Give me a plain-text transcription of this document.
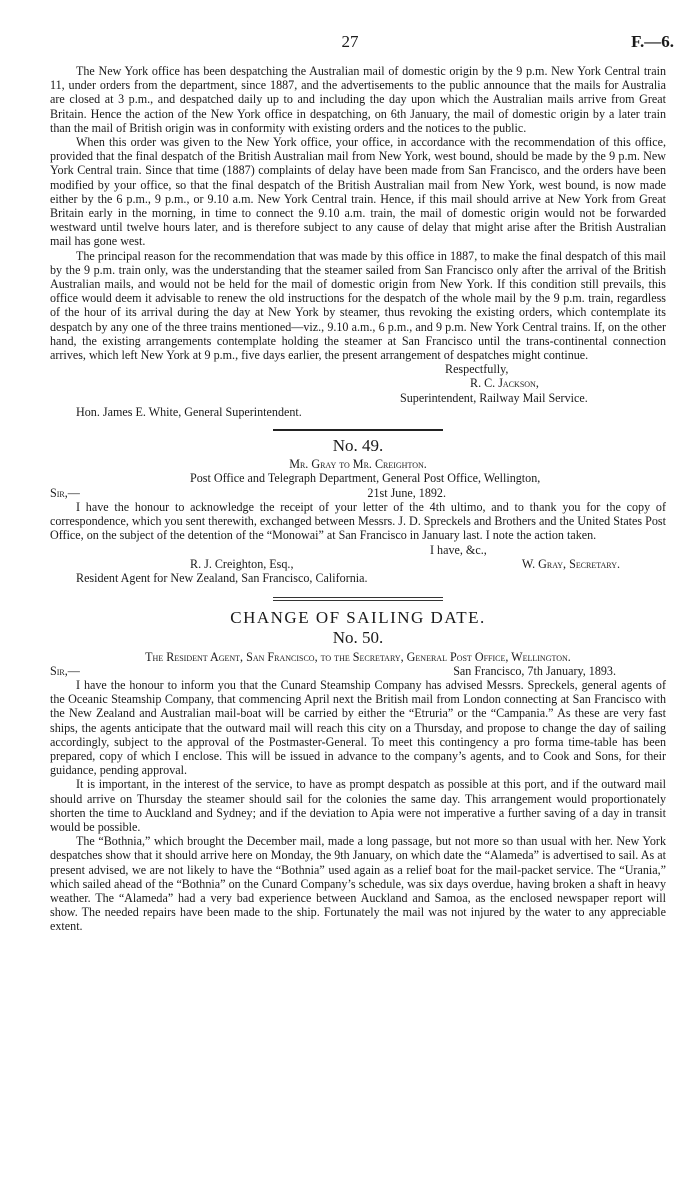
27	F.—6.

The New York office has been despatching the Australian mail of domestic origin by the 9 p.m. New York Central train 11, under orders from the department, since 1887, and the advertisements to the public announce that the mails for Australia are closed at 3 p.m., and despatched daily up to and including the day upon which the Australian mails arrive from Great Britain. Hence the action of the New York office in despatching, on 6th January, the mail of domestic origin by a later train than the mail of British origin was in conformity with existing orders and the notices to the public.

When this order was given to the New York office, your office, in accordance with the recommendation of this office, provided that the final despatch of the British Australian mail from New York, west bound, should be made by the 9 p.m. New York Central train. Since that time (1887) complaints of delay have been made from San Francisco, and the orders have been modified by your office, so that the final despatch of the British Australian mail from New York, west bound, is now made either by the 6 p.m., 9 p.m., or 9.10 a.m. New York Central train. Hence, if this mail should arrive at New York from Great Britain early in the morning, in time to connect the 9.10 a.m. train, the mail of domestic origin would not be forwarded westward until twelve hours later, and is therefore subject to any cause of delay that might arise after the British Australian mail has gone west.

The principal reason for the recommendation that was made by this office in 1887, to make the final despatch of this mail by the 9 p.m. train only, was the understanding that the steamer sailed from San Francisco only after the arrival of the British Australian mails, and would not be held for the mail of domestic origin from New York. If this condition still prevails, this office would deem it advisable to renew the old instructions for the despatch of the whole mail by the 9 p.m. train, regardless of the hour of its arrival during the day at New York by steamer, thus revoking the existing orders, which contemplate its despatch by any one of the three trains mentioned—viz., 9.10 a.m., 6 p.m., and 9 p.m. New York Central trains. If, on the other hand, the existing arrangements contemplate holding the steamer at San Francisco until the trans-continental connection arrives, which left New York at 9 p.m., five days earlier, the present arrangement of despatches might continue.

Respectfully,
R. C. Jackson,
Superintendent, Railway Mail Service.
Hon. James E. White, General Superintendent.
No. 49.
Mr. Gray to Mr. Creighton.
Post Office and Telegraph Department, General Post Office, Wellington,
Sir,—	21st June, 1892.

I have the honour to acknowledge the receipt of your letter of the 4th ultimo, and to thank you for the copy of correspondence, which you sent therewith, exchanged between Messrs. J. D. Spreckels and Brothers and the United States Post Office, on the subject of the detention of the “Monowai” at San Francisco in January last. I note the action taken.

I have, &c.,
R. J. Creighton, Esq.,	W. Gray, Secretary.
Resident Agent for New Zealand, San Francisco, California.
CHANGE OF SAILING DATE.
No. 50.
The Resident Agent, San Francisco, to the Secretary, General Post Office, Wellington.
Sir,—	San Francisco, 7th January, 1893.

I have the honour to inform you that the Cunard Steamship Company has advised Messrs. Spreckels, general agents of the Oceanic Steamship Company, that commencing April next the British mail from London connecting at San Francisco with the New Zealand and Australian mail-boat will be carried by either the “Etruria” or the “Campania.” As these are very fast ships, the agents anticipate that the outward mail will reach this city on a Thursday, and propose to change the day of sailing accordingly, subject to the approval of the Postmaster-General. To meet this contingency a pro forma time-table has been prepared, copy of which I enclose. This will be issued in advance to the company’s agents, and to Cook and Sons, for their guidance, pending approval.

It is important, in the interest of the service, to have as prompt despatch as possible at this port, and if the outward mail should arrive on Thursday the steamer should sail for the colonies the same day. This arrangement would proportionately shorten the time to Auckland and Sydney; and if the deviation to Apia were not imperative a further saving of a day in transit would be possible.

The “Bothnia,” which brought the December mail, made a long passage, but not more so than usual with her. New York despatches show that it should arrive here on Monday, the 9th January, on which date the “Alameda” is advertised to sail. As at present advised, we are not likely to have the “Bothnia” used again as a relief boat for the mail-packet service. The “Urania,” which sailed ahead of the “Bothnia” on the Cunard Company’s schedule, was six days overdue, having broken a shaft in heavy weather. The “Alameda” had a very bad experience between Auckland and Samoa, as the enclosed newspaper report will show. The needed repairs have been made to the ship. Fortunately the mail was not injured by the water to any appreciable extent.
